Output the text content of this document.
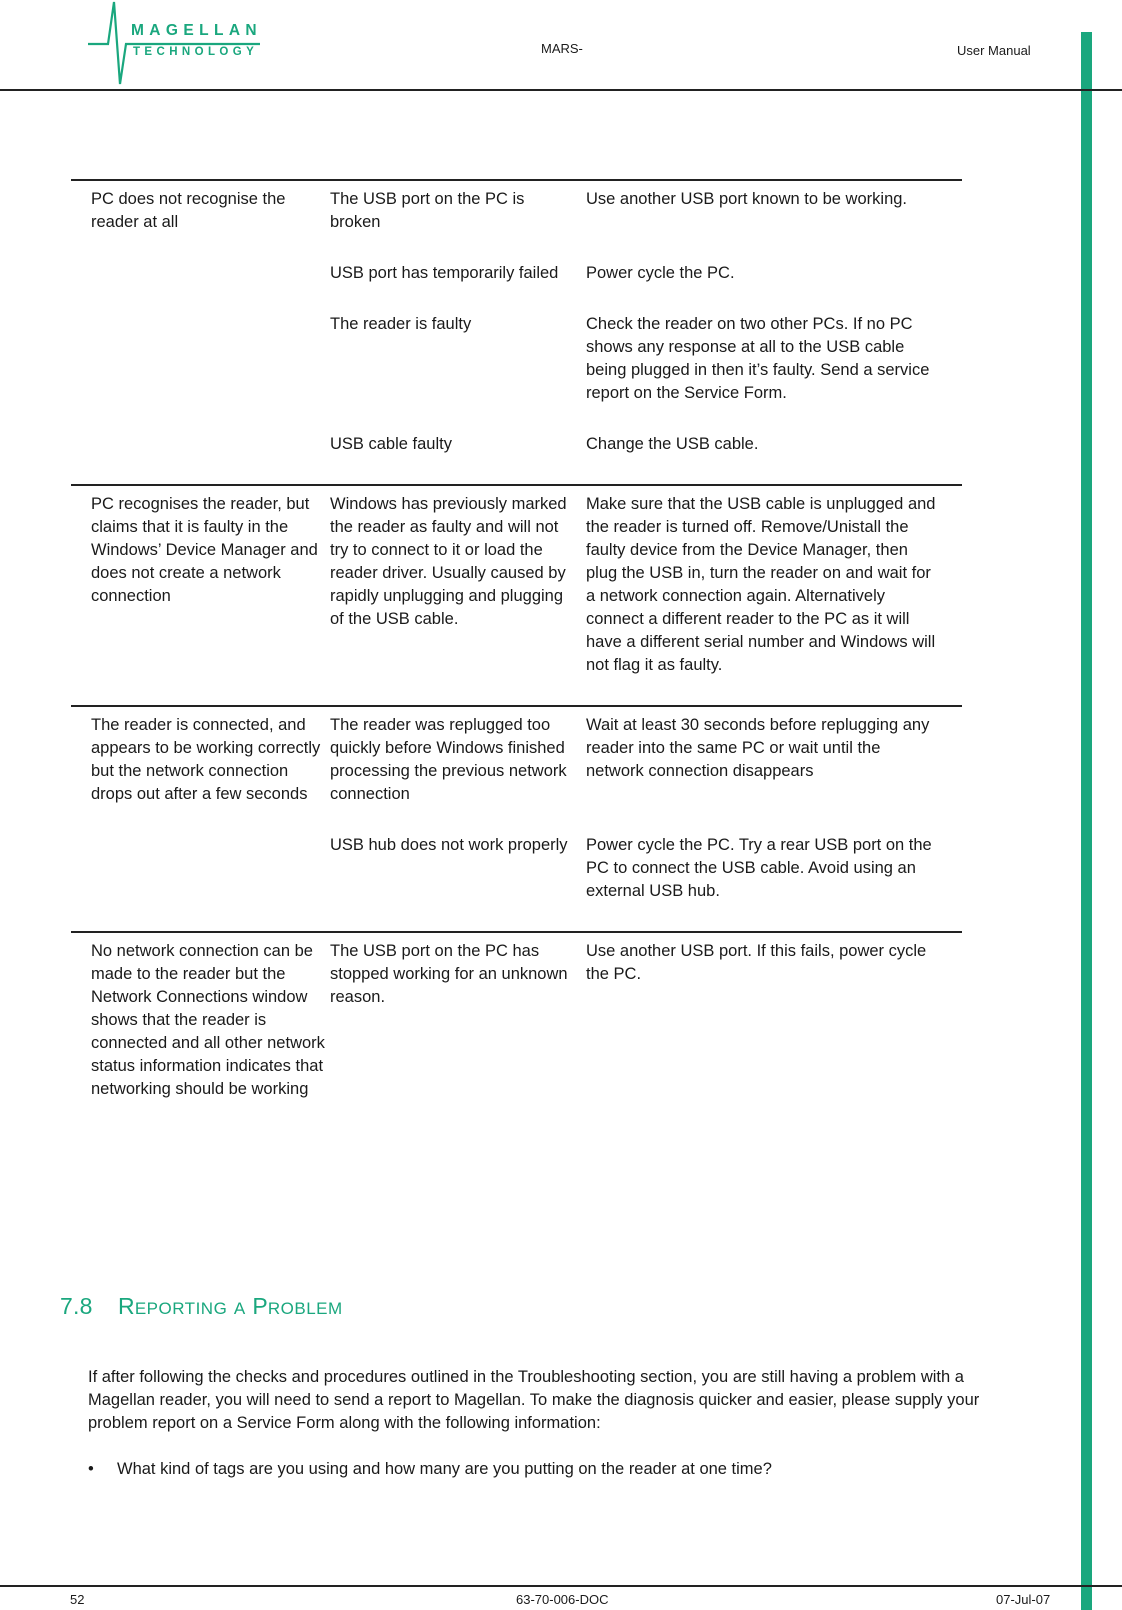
MAGELLAN
TECHNOLOGY	MARS-	User Manual
PC does not recognise the reader at all	The USB port on the PC is broken	Use another USB port known to be working.

	USB port has temporarily failed	Power cycle the PC.

	The reader is faulty	Check the reader on two other PCs. If no PC shows any response at all to the USB cable being plugged in then it’s faulty. Send a service report on the Service Form.

	USB cable faulty	Change the USB cable.

PC recognises the reader, but claims that it is faulty in the Windows’ Device Manager and does not create a network connection	Windows has previously marked the reader as faulty and will not try to connect to it or load the reader driver. Usually caused by rapidly unplugging and plugging of the USB cable.	Make sure that the USB cable is unplugged and the reader is turned off. Remove/Unistall the faulty device from the Device Manager, then plug the USB in, turn the reader on and wait for a network connection again. Alternatively connect a different reader to the PC as it will have a different serial number and Windows will not flag it as faulty.

The reader is connected, and appears to be working correctly but the network connection drops out after a few seconds	The reader was replugged too quickly before Windows finished processing the previous network connection	Wait at least 30 seconds before replugging any reader into the same PC or wait until the network connection disappears

	USB hub does not work properly	Power cycle the PC. Try a rear USB port on the PC to connect the USB cable. Avoid using an external USB hub.

No network connection can be made to the reader but the Network Connections window shows that the reader is connected and all other network status information indicates that networking should be working	The USB port on the PC has stopped working for an unknown reason.	Use another USB port. If this fails, power cycle the PC.
7.8 REPORTING A PROBLEM
If after following the checks and procedures outlined in the Troubleshooting section, you are still having a problem with a Magellan reader, you will need to send a report to Magellan. To make the diagnosis quicker and easier, please supply your problem report on a Service Form along with the following information:
• What kind of tags are you using and how many are you putting on the reader at one time?
52	63-70-006-DOC	07-Jul-07
